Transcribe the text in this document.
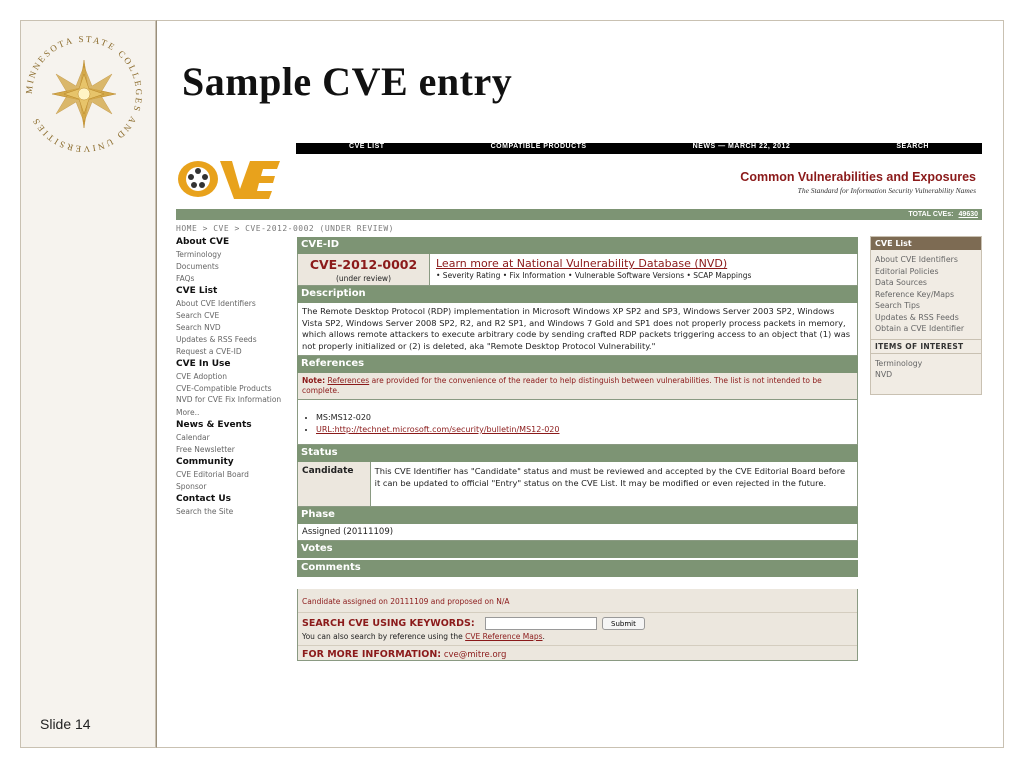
MINNESOTA STATE COLLEGES AND UNIVERSITIES
Sample CVE entry
Slide 14
CVE LIST	COMPATIBLE PRODUCTS	NEWS — MARCH 22, 2012	SEARCH
Common Vulnerabilities and Exposures
The Standard for Information Security Vulnerability Names
TOTAL CVEs:
49630
HOME > CVE > CVE-2012-0002 (UNDER REVIEW)
About CVE
Terminology
Documents
FAQs
CVE List
About CVE Identifiers
Search CVE
Search NVD
Updates & RSS Feeds
Request a CVE-ID
CVE In Use
CVE Adoption
CVE-Compatible Products
NVD for CVE Fix Information
More..
News & Events
Calendar
Free Newsletter
Community
CVE Editorial Board
Sponsor
Contact Us
Search the Site
CVE-ID
CVE-2012-0002
(under review)
Learn more at National Vulnerability Database (NVD)
• Severity Rating • Fix Information • Vulnerable Software Versions • SCAP Mappings
Description
The Remote Desktop Protocol (RDP) implementation in Microsoft Windows XP SP2 and SP3, Windows Server 2003 SP2, Windows Vista SP2, Windows Server 2008 SP2, R2, and R2 SP1, and Windows 7 Gold and SP1 does not properly process packets in memory, which allows remote attackers to execute arbitrary code by sending crafted RDP packets triggering access to an object that (1) was not properly initialized or (2) is deleted, aka "Remote Desktop Protocol Vulnerability."
References
Note: References are provided for the convenience of the reader to help distinguish between vulnerabilities. The list is not intended to be complete.
• MS:MS12-020
• URL:http://technet.microsoft.com/security/bulletin/MS12-020
Status
Candidate	This CVE Identifier has "Candidate" status and must be reviewed and accepted by the CVE Editorial Board before it can be updated to official "Entry" status on the CVE List. It may be modified or even rejected in the future.
Phase
Assigned (20111109)
Votes
Comments
Candidate assigned on 20111109 and proposed on N/A
SEARCH CVE USING KEYWORDS:	Submit
You can also search by reference using the CVE Reference Maps.
FOR MORE INFORMATION: cve@mitre.org
CVE List
About CVE Identifiers
Editorial Policies
Data Sources
Reference Key/Maps
Search Tips
Updates & RSS Feeds
Obtain a CVE Identifier
ITEMS OF INTEREST
Terminology
NVD
